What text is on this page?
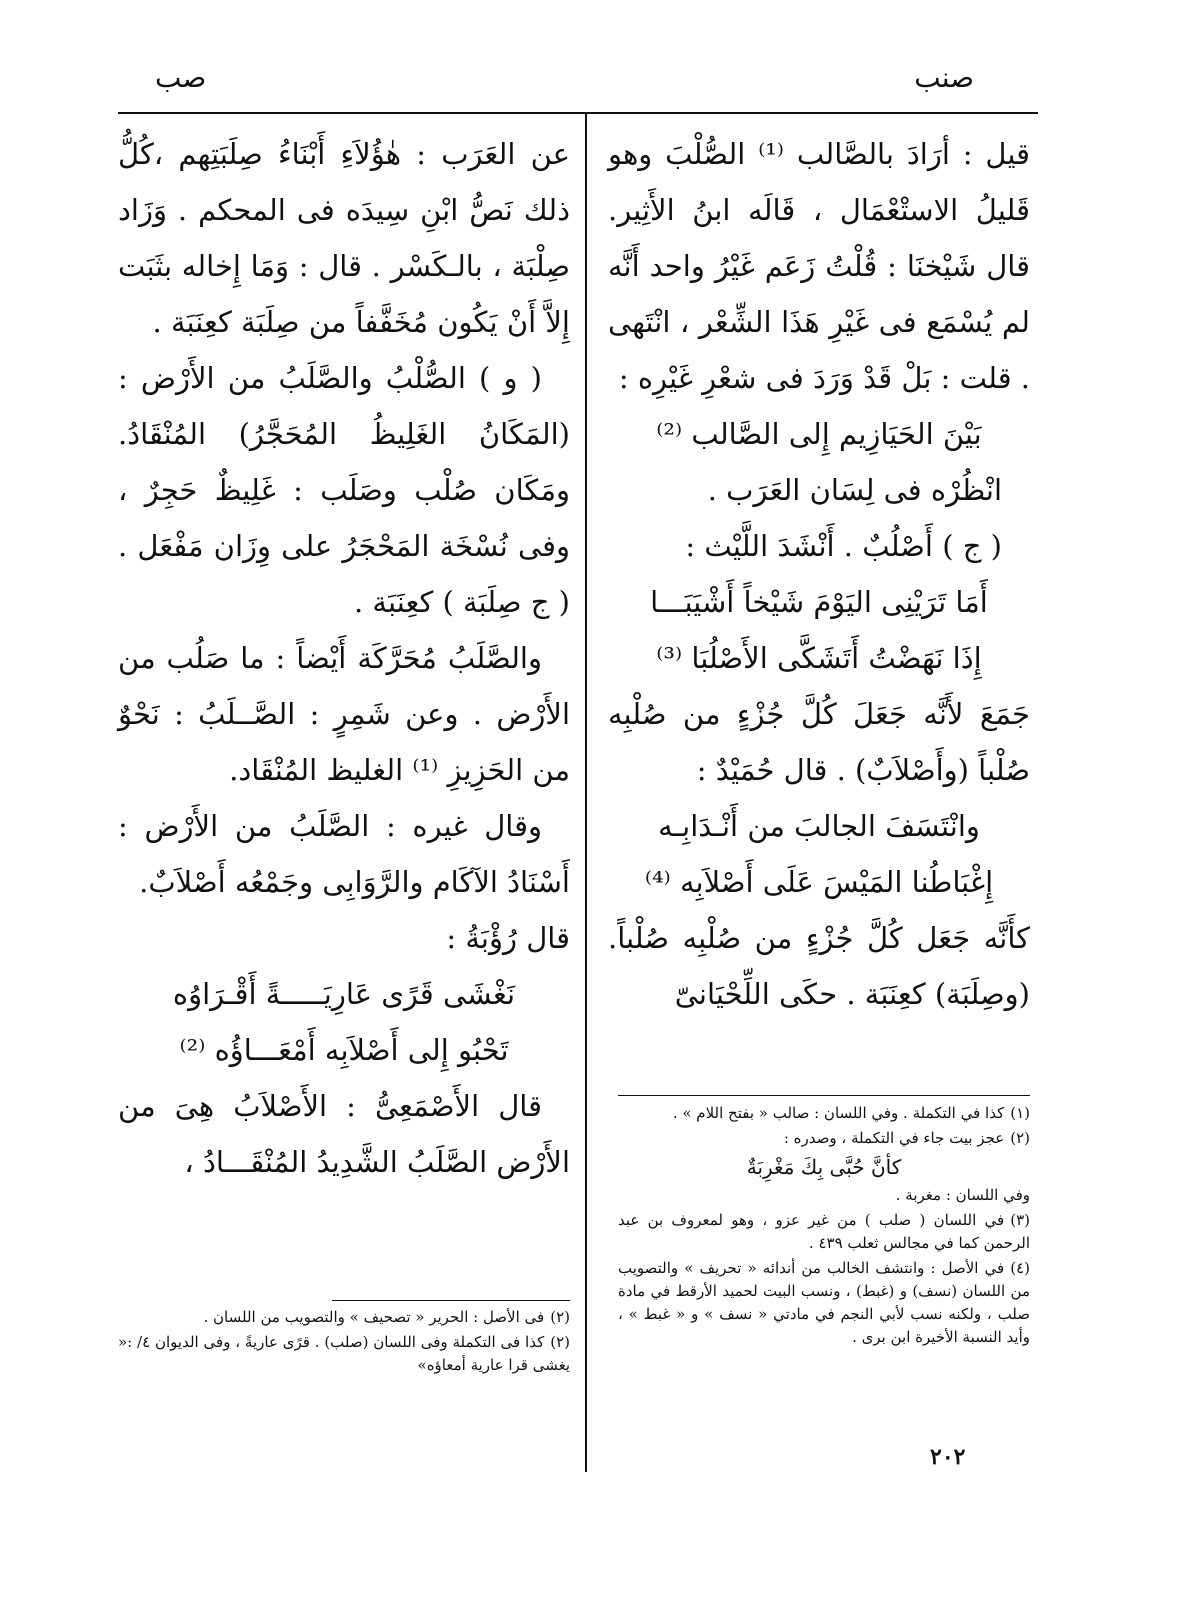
صنب
صب

قيل : أرَادَ بالصَّالب ⁽¹⁾ الصُّلْبَ وهو قَليلُ الاستْعْمَال ، قَالَه ابنُ الأَثِير. قال شَيْخنَا : قُلْتُ زَعَم غَيْرُ واحد أَنَّه لم يُسْمَع فى غَيْرِ هَذَا الشِّعْر ، انْتَهى . قلت : بَلْ قَدْ وَرَدَ فى شعْرِ غَيْرِه :

بَيْنَ الحَيَازِيم إِلى الصَّالب ⁽²⁾

انْظُرْه فى لِسَان العَرَب .

( ج ) أَصْلُبٌ . أَنْشَدَ اللَّيْث :

أَمَا تَرَيْنِى اليَوْمَ شَيْخاً أَشْيَبَـــا
إِذَا نَهَضْتُ أَتَشَكَّى الأَصْلُبَا ⁽³⁾

جَمَعَ لأَنَّه جَعَلَ كُلَّ جُزْءٍ من صُلْبِه صُلْباً (وأَصْلاَبٌ) . قال حُمَيْدٌ :

وانْتَسَفَ الجالبَ من أَنْـدَابِـه
إِغْبَاطُنا المَيْسَ عَلَى أَصْلاَبِه ⁽⁴⁾

كأَنَّه جَعَل كُلَّ جُزْءٍ من صُلْبِه صُلْباً. (وصِلَبَة) كعِنَبَة . حكَى اللِّحْيَانىّ

(١)كذا في التكملة . وفي اللسان : صالب « بفتح اللام » .

(٢)عجز بيت جاء في التكملة ، وصدره :

كأنَّ حُبَّى بِكَ مَغْرِبَةٌ

وفي اللسان : مغربة .

(٣)في اللسان ( صلب ) من غير عزو ، وهو لمعروف بن عبد الرحمن كما في مجالس ثعلب ٤٣٩ .

(٤)في الأصل : وانتشف الخالب من أندائه « تحريف » والتصويب من اللسان (نسف) و (غبط) ، ونسب البيت لحميد الأرقط في مادة صلب ، ولكنه نسب لأبي النجم في مادتي « نسف » و « غبط » ، وأيد النسبة الأخيرة ابن برى .

عن العَرَب : هٰؤُلاَءِ أَبْنَاءُ صِلَبَتِهم ،كُلُّ ذلك نَصُّ ابْنِ سِيدَه فى المحكم . وَزَاد صِلْبَة ، بالـكَسْر . قال : وَمَا إِخاله بثَبَت إِلاَّ أَنْ يَكُون مُخَفَّفاً من صِلَبَة كعِنَبَة .

( و ) الصُّلْبُ والصَّلَبُ من الأَرْض : (المَكَانُ الغَلِيظُ المُحَجَّرُ) المُنْقَادُ. ومَكَان صُلْب وصَلَب : غَلِيظٌ حَجِرٌ ، وفى نُسْخَة المَحْجَرُ على وِزَان مَفْعَل . ( ج صِلَبَة ) كعِنَبَة .

والصَّلَبُ مُحَرَّكَة أَيْضاً : ما صَلُب من الأَرْض . وعن شَمِرٍ : الصَّــلَبُ : نَحْوٌ من الحَزِيزِ ⁽¹⁾ الغليظ المُنْقَاد.

وقال غيره : الصَّلَبُ من الأَرْض : أَسْنَادُ الآكَام والرَّوَابِى وجَمْعُه أَصْلاَبٌ.

قال رُؤْبَةُ :

نَغْشَى قَرًى عَارِيَـــــةً أَقْـرَاوُه
تَحْبُو إِلى أَصْلاَبِه أَمْعَـــاؤُه ⁽²⁾

قال الأَصْمَعِىُّ : الأَصْلاَبُ هِىَ من الأَرْض الصَّلَبُ الشَّدِيدُ المُنْقَـــادُ ،

(٢)فى الأصل : الحرير « تصحيف » والتصويب من اللسان .

(٢)كذا فى التكملة وفى اللسان (صلب) . قرًى عاريةً ، وفى الديوان ٤/ :« يغشى قرا عارية أمعاؤه»

٢٠٢
